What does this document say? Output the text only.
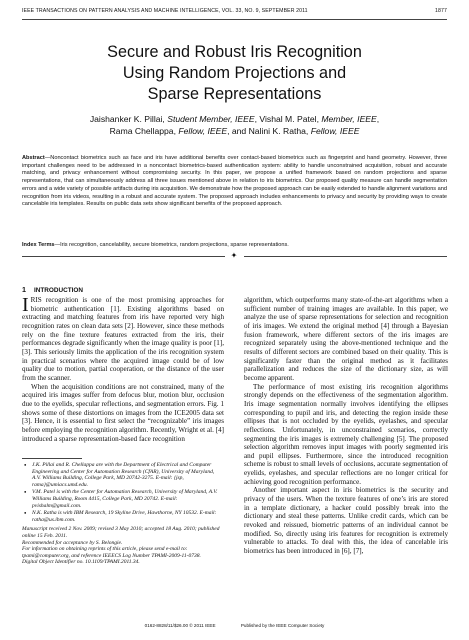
IEEE TRANSACTIONS ON PATTERN ANALYSIS AND MACHINE INTELLIGENCE, VOL. 33, NO. 9, SEPTEMBER 2011	1877
Secure and Robust Iris Recognition
Using Random Projections and
Sparse Representations
Jaishanker K. Pillai, Student Member, IEEE, Vishal M. Patel, Member, IEEE,
Rama Chellappa, Fellow, IEEE, and Nalini K. Ratha, Fellow, IEEE
Abstract—Noncontact biometrics such as face and iris have additional benefits over contact-based biometrics such as fingerprint and hand geometry. However, three important challenges need to be addressed in a noncontact biometrics-based authentication system: ability to handle unconstrained acquisition, robust and accurate matching, and privacy enhancement without compromising security. In this paper, we propose a unified framework based on random projections and sparse representations, that can simultaneously address all three issues mentioned above in relation to iris biometrics. Our proposed quality measure can handle segmentation errors and a wide variety of possible artifacts during iris acquisition. We demonstrate how the proposed approach can be easily extended to handle alignment variations and recognition from iris videos, resulting in a robust and accurate system. The proposed approach includes enhancements to privacy and security by providing ways to create cancelable iris templates. Results on public data sets show significant benefits of the proposed approach.
Index Terms—Iris recognition, cancelability, secure biometrics, random projections, sparse representations.
✦
1 INTRODUCTION

IRIS recognition is one of the most promising approaches for biometric authentication [1]. Existing algorithms based on extracting and matching features from iris have reported very high recognition rates on clean data sets [2]. However, since these methods rely on the fine texture features extracted from the iris, their performances degrade significantly when the image quality is poor [1], [3]. This seriously limits the application of the iris recognition system in practical scenarios where the acquired image could be of low quality due to motion, partial cooperation, or the distance of the user from the scanner.

When the acquisition conditions are not constrained, many of the acquired iris images suffer from defocus blur, motion blur, occlusion due to the eyelids, specular reflections, and segmentation errors. Fig. 1 shows some of these distortions on images from the ICE2005 data set [3]. Hence, it is essential to first select the “recognizable” iris images before employing the recognition algorithm. Recently, Wright et al. [4] introduced a sparse representation-based face recognition

● J.K. Pillai and R. Chellappa are with the Department of Electrical and Computer Engineering and Center for Automation Research (CfAR), University of Maryland, A.V. Williams Building, College Park, MD 20742-3275. E-mail: {jsp, rama}@umiacs.umd.edu.
● V.M. Patel is with the Center for Automation Research, University of Maryland, A.V. Williams Building, Room 4415, College Park, MD 20742. E-mail: pvishalm@gmail.com.
● N.K. Ratha is with IBM Research, 19 Skyline Drive, Hawthorne, NY 10532. E-mail: ratha@us.ibm.com.
Manuscript received 2 Nov. 2009; revised 3 May 2010; accepted 18 Aug. 2010; published online 15 Feb. 2011.
Recommended for acceptance by S. Belongie.
For information on obtaining reprints of this article, please send e-mail to: tpami@computer.org, and reference IEEECS Log Number TPAMI-2009-11-0738.
Digital Object Identifier no. 10.1109/TPAMI.2011.34.

algorithm, which outperforms many state-of-the-art algorithms when a sufficient number of training images are available. In this paper, we analyze the use of sparse representations for selection and recognition of iris images. We extend the original method [4] through a Bayesian fusion framework, where different sectors of the iris images are recognized separately using the above-mentioned technique and the results of different sectors are combined based on their quality. This is significantly faster than the original method as it facilitates parallelization and reduces the size of the dictionary size, as will become apparent.

The performance of most existing iris recognition algorithms strongly depends on the effectiveness of the segmentation algorithm. Iris image segmentation normally involves identifying the ellipses corresponding to pupil and iris, and detecting the region inside these ellipses that is not occluded by the eyelids, eyelashes, and specular reflections. Unfortunately, in unconstrained scenarios, correctly segmenting the iris images is extremely challenging [5]. The proposed selection algorithm removes input images with poorly segmented iris and pupil ellipses. Furthermore, since the introduced recognition scheme is robust to small levels of occlusions, accurate segmentation of eyelids, eyelashes, and specular reflections are no longer critical for achieving good recognition performance.

Another important aspect in iris biometrics is the security and privacy of the users. When the texture features of one’s iris are stored in a template dictionary, a hacker could possibly break into the dictionary and steal these patterns. Unlike credit cards, which can be revoked and reissued, biometric patterns of an individual cannot be modified. So, directly using iris features for recognition is extremely vulnerable to attacks. To deal with this, the idea of cancelable iris biometrics has been introduced in [6], [7],

0162-8828/11/$26.00 © 2011 IEEE	Published by the IEEE Computer Society
